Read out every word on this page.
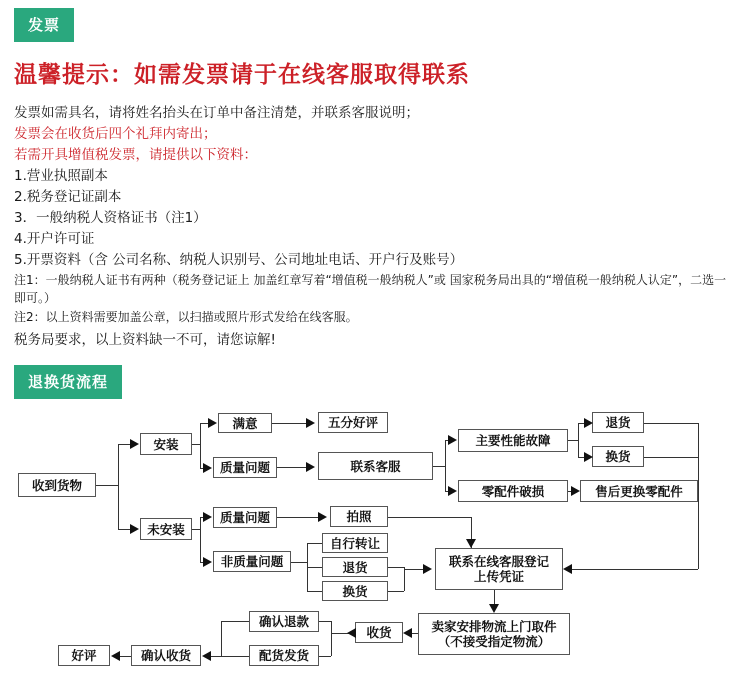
发票
温馨提示：如需发票请于在线客服取得联系
发票如需具名，请将姓名抬头在订单中备注清楚，并联系客服说明；
发票会在收货后四个礼拜内寄出；
若需开具增值税发票，请提供以下资料：
1.营业执照副本
2.税务登记证副本
3．一般纳税人资格证书（注1）
4.开户许可证
5.开票资料（含 公司名称、纳税人识别号、公司地址电话、开户行及账号）
注1：一般纳税人证书有两种（税务登记证上 加盖红章写着“增值税一般纳税人”或 国家税务局出具的“增值税一般纳税人认定”，二选一即可。）
注2：以上资料需要加盖公章，以扫描或照片形式发给在线客服。
税务局要求，以上资料缺一不可，请您谅解!
退换货流程
收到货物
安装
未安装
满意	五分好评
质量问题	联系客服
主要性能故障
零配件破损
退货
换货
售后更换零配件
质量问题
非质量问题
拍照
自行转让
退货
换货
联系在线客服登记
上传凭证
卖家安排物流上门取件
（不接受指定物流）
收货
确认退款
配货发货
确认收货
好评
